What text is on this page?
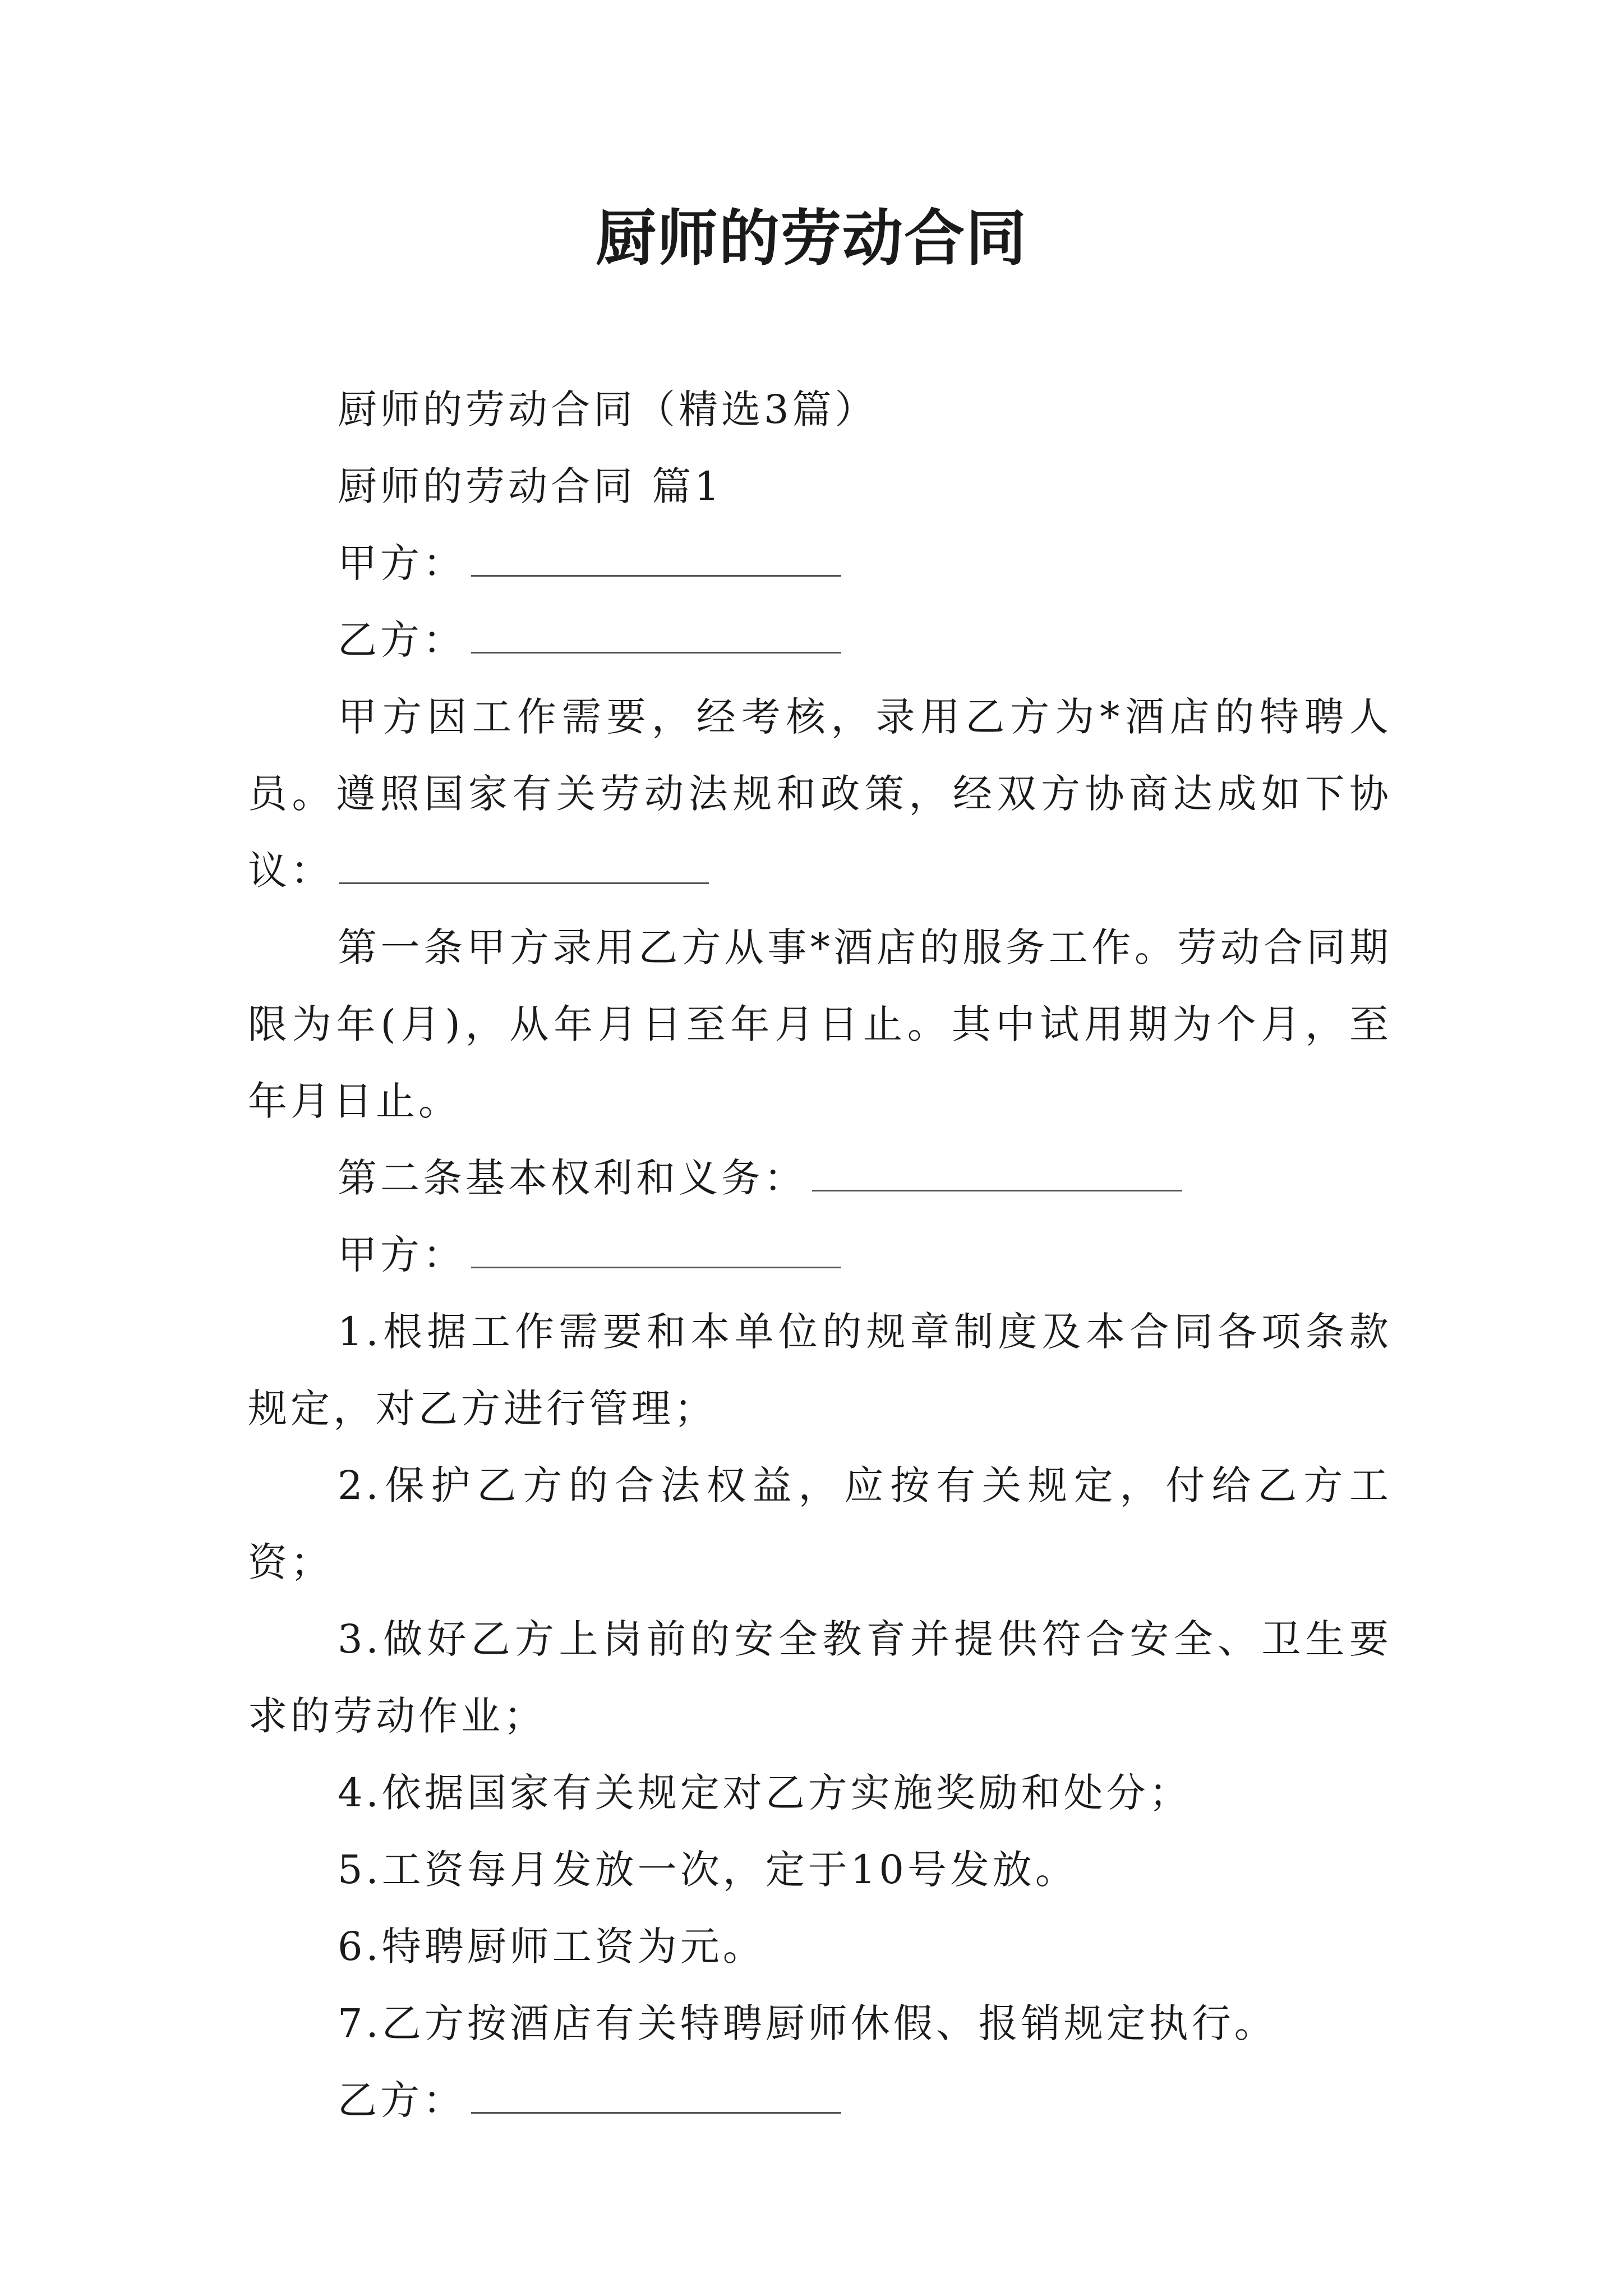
厨师的劳动合同

厨师的劳动合同（精选3篇）

厨师的劳动合同 篇1

甲方：

乙方：

甲方因工作需要，经考核，录用乙方为*酒店的特聘人员。遵照国家有关劳动法规和政策，经双方协商达成如下协议：

第一条甲方录用乙方从事*酒店的服务工作。劳动合同期限为年(月)，从年月日至年月日止。其中试用期为个月，至年月日止。

第二条基本权利和义务：

甲方：

1.根据工作需要和本单位的规章制度及本合同各项条款规定，对乙方进行管理；

2.保护乙方的合法权益，应按有关规定，付给乙方工资；

3.做好乙方上岗前的安全教育并提供符合安全、卫生要求的劳动作业；

4.依据国家有关规定对乙方实施奖励和处分；

5.工资每月发放一次，定于10号发放。

6.特聘厨师工资为元。

7.乙方按酒店有关特聘厨师休假、报销规定执行。

乙方：
